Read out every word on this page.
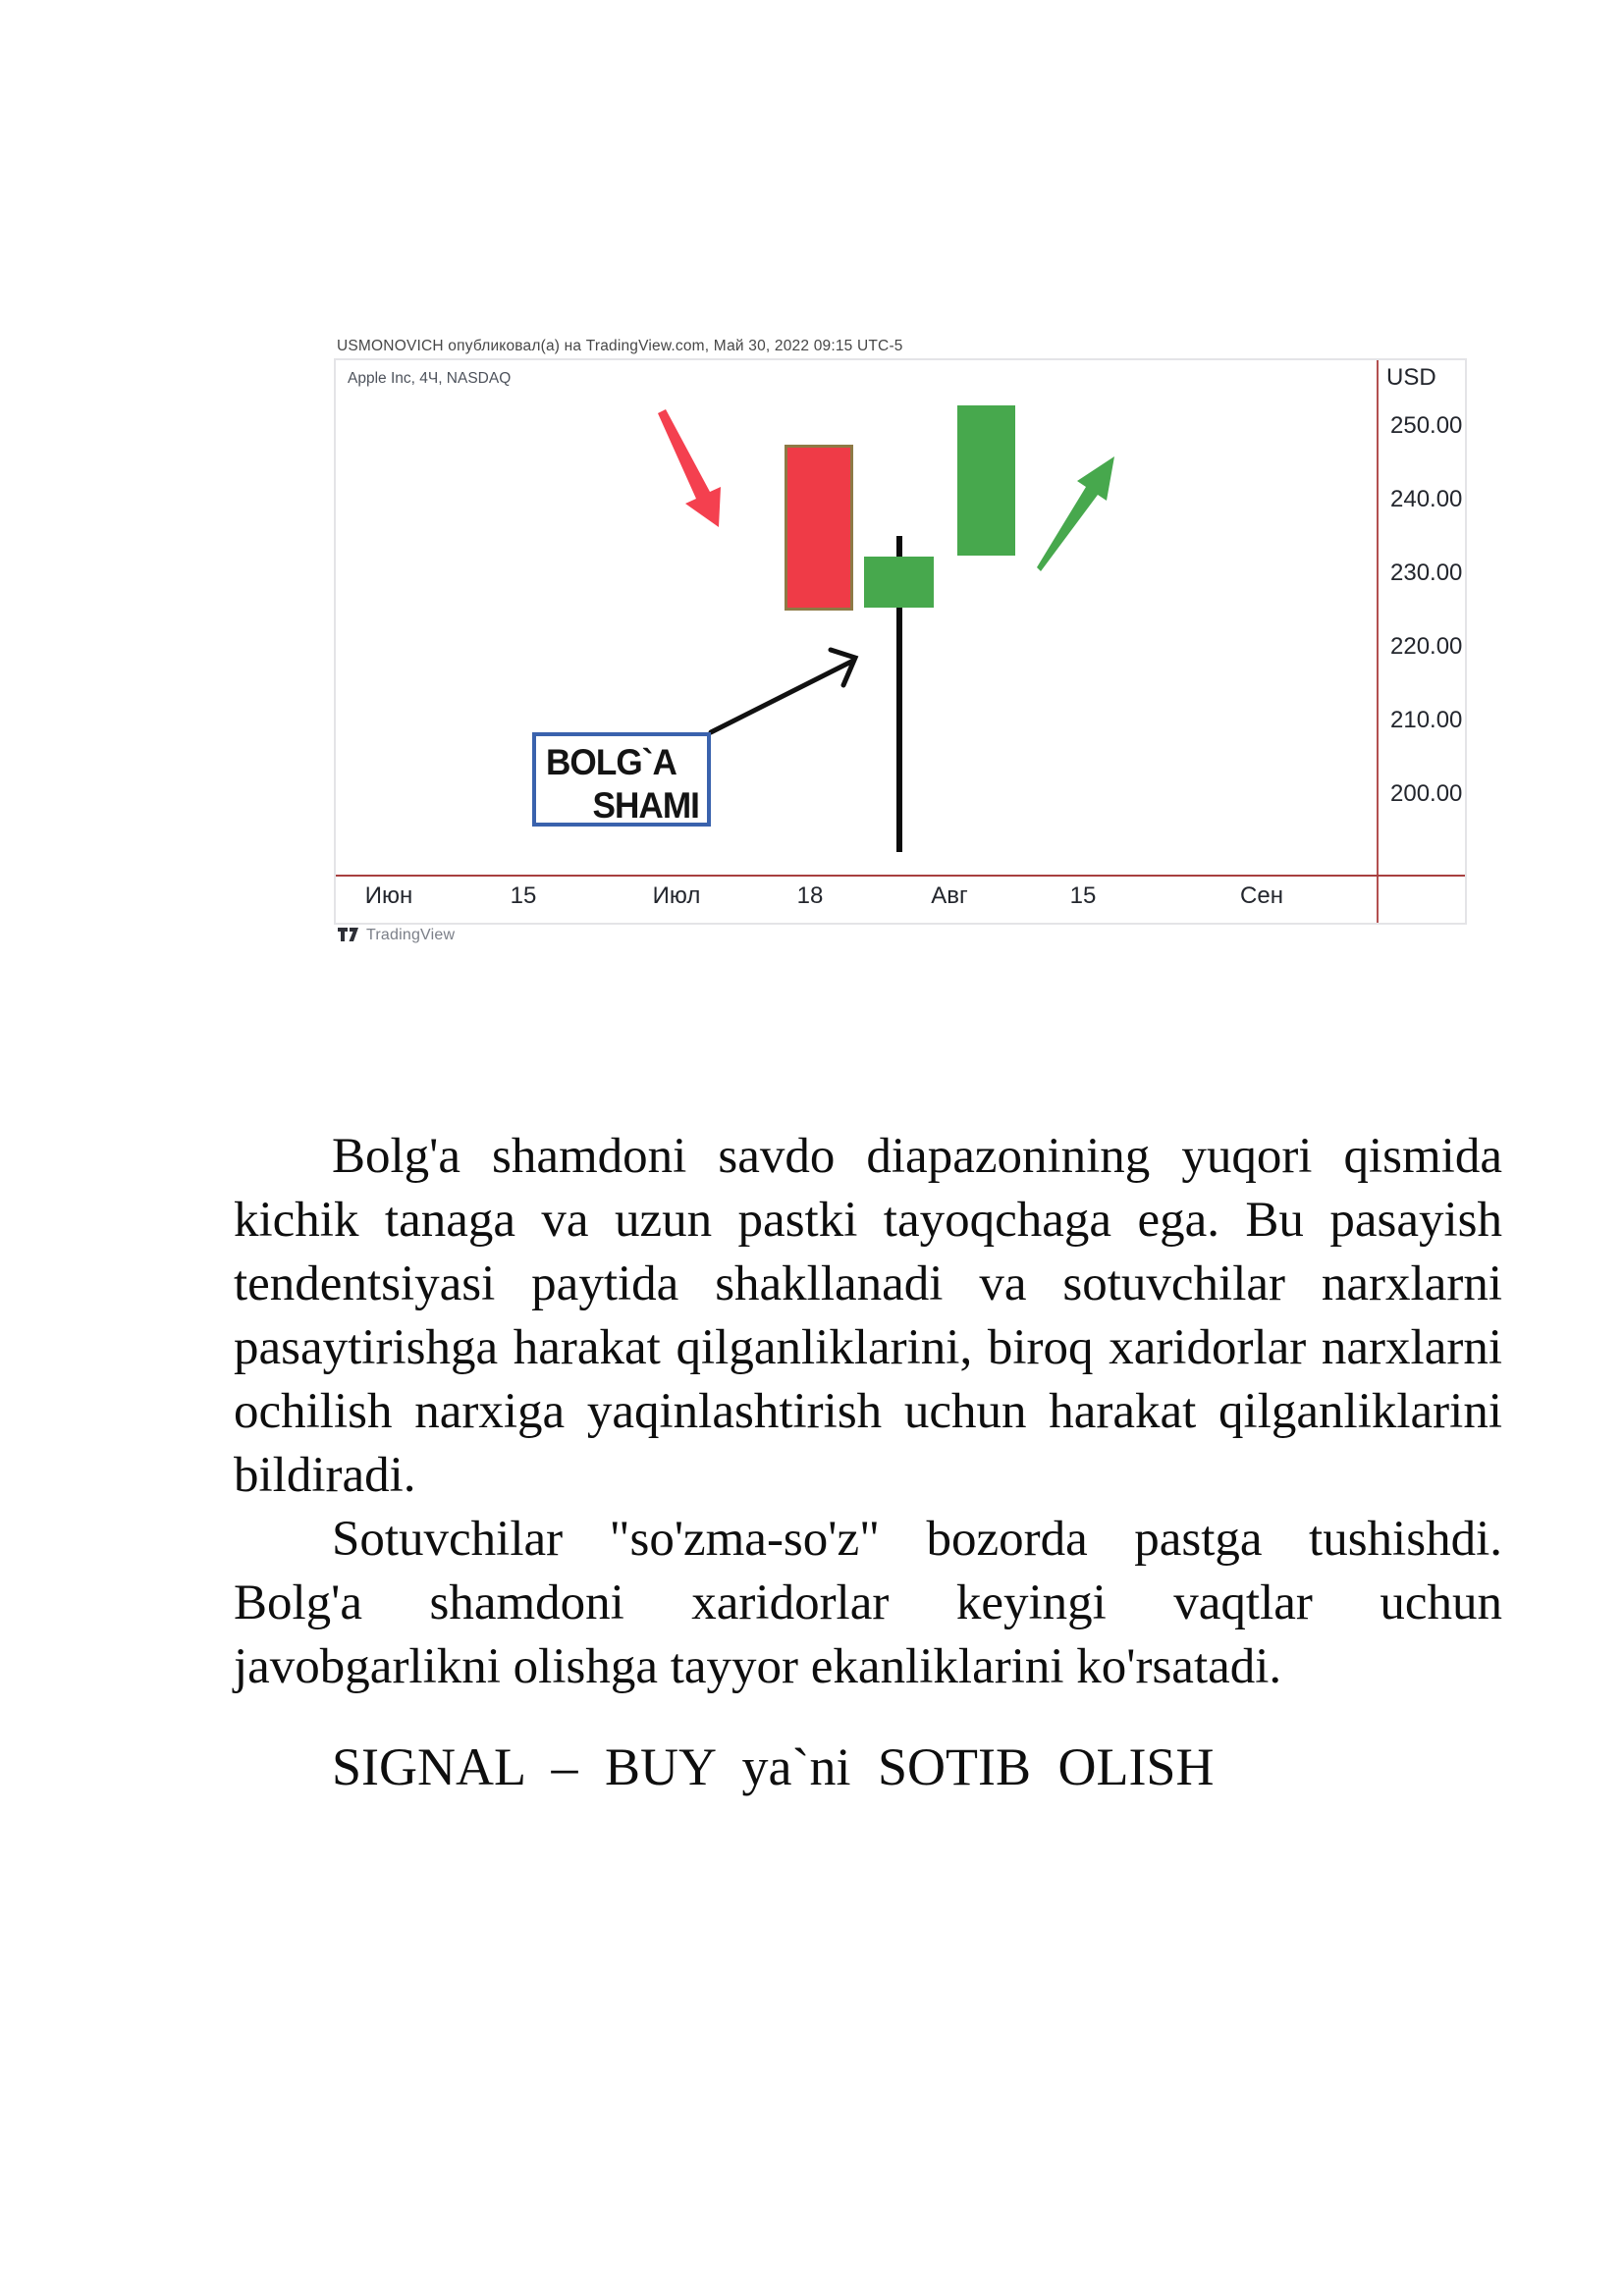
USMONOVICH опубликовал(а) на TradingView.com, Май 30, 2022 09:15 UTC-5
Apple Inc, 4Ч, NASDAQ	USD
250.00
240.00
230.00
220.00
210.00
200.00
Июн	15	Июл	18	Авг	15	Сен
BOLG`A
SHAMI
TradingView

Bolg'a shamdoni savdo diapazonining yuqori qismida kichik tanaga va uzun pastki tayoqchaga ega. Bu pasayish tendentsiyasi paytida shakllanadi va sotuvchilar narxlarni pasaytirishga harakat qilganliklarini, biroq xaridorlar narxlarni ochilish narxiga yaqinlashtirish uchun harakat qilganliklarini bildiradi.

Sotuvchilar "so'zma-so'z" bozorda pastga tushishdi. Bolg'a shamdoni xaridorlar keyingi vaqtlar uchun javobgarlikni olishga tayyor ekanliklarini ko'rsatadi.

SIGNAL – BUY ya`ni SOTIB OLISH
